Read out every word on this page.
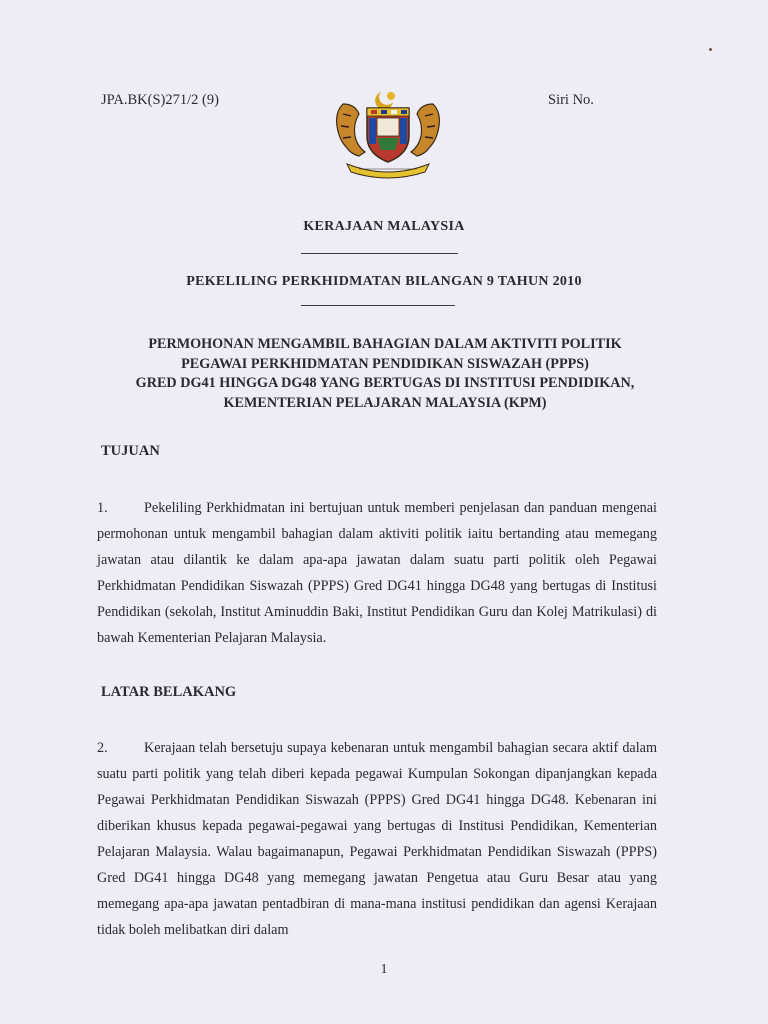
JPA.BK(S)271/2 (9)	Siri No.
KERAJAAN MALAYSIA
PEKELILING PERKHIDMATAN BILANGAN 9 TAHUN 2010
PERMOHONAN MENGAMBIL BAHAGIAN DALAM AKTIVITI POLITIK
PEGAWAI PERKHIDMATAN PENDIDIKAN SISWAZAH (PPPS)
GRED DG41 HINGGA DG48 YANG BERTUGAS DI INSTITUSI PENDIDIKAN,
KEMENTERIAN PELAJARAN MALAYSIA (KPM)
TUJUAN
1.	Pekeliling Perkhidmatan ini bertujuan untuk memberi penjelasan dan panduan mengenai permohonan untuk mengambil bahagian dalam aktiviti politik iaitu bertanding atau memegang jawatan atau dilantik ke dalam apa-apa jawatan dalam suatu parti politik oleh Pegawai Perkhidmatan Pendidikan Siswazah (PPPS) Gred DG41 hingga DG48 yang bertugas di Institusi Pendidikan (sekolah, Institut Aminuddin Baki, Institut Pendidikan Guru dan Kolej Matrikulasi) di bawah Kementerian Pelajaran Malaysia.
LATAR BELAKANG
2.	Kerajaan telah bersetuju supaya kebenaran untuk mengambil bahagian secara aktif dalam suatu parti politik yang telah diberi kepada pegawai Kumpulan Sokongan dipanjangkan kepada Pegawai Perkhidmatan Pendidikan Siswazah (PPPS) Gred DG41 hingga DG48. Kebenaran ini diberikan khusus kepada pegawai-pegawai yang bertugas di Institusi Pendidikan, Kementerian Pelajaran Malaysia. Walau bagaimanapun, Pegawai Perkhidmatan Pendidikan Siswazah (PPPS) Gred DG41 hingga DG48 yang memegang jawatan Pengetua atau Guru Besar atau yang memegang apa-apa jawatan pentadbiran di mana-mana institusi pendidikan dan agensi Kerajaan tidak boleh melibatkan diri dalam
1
